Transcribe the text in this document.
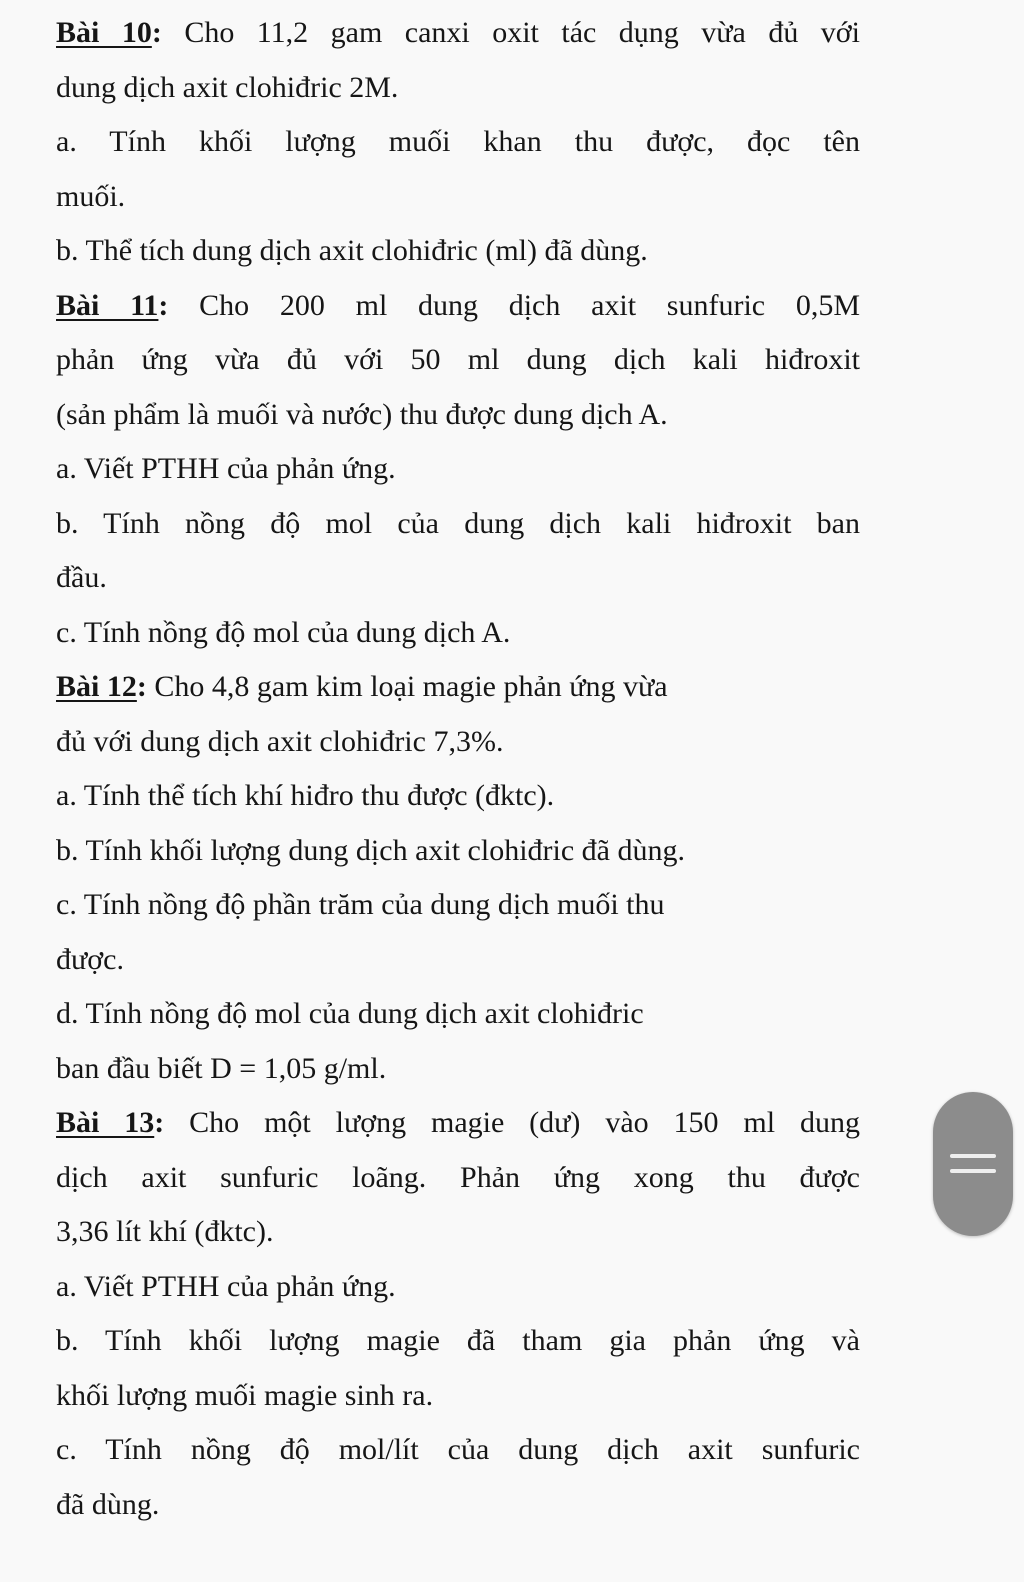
Bài 10: Cho 11,2 gam canxi oxit tác dụng vừa đủ với
dung dịch axit clohiđric 2M.
a. Tính khối lượng muối khan thu được, đọc tên
muối.
b. Thể tích dung dịch axit clohiđric (ml) đã dùng.
Bài 11: Cho 200 ml dung dịch axit sunfuric 0,5M
phản ứng vừa đủ với 50 ml dung dịch kali hiđroxit
(sản phẩm là muối và nước) thu được dung dịch A.
a. Viết PTHH của phản ứng.
b. Tính nồng độ mol của dung dịch kali hiđroxit ban
đầu.
c. Tính nồng độ mol của dung dịch A.
Bài 12: Cho 4,8 gam kim loại magie phản ứng vừa
đủ với dung dịch axit clohiđric 7,3%.
a. Tính thể tích khí hiđro thu được (đktc).
b. Tính khối lượng dung dịch axit clohiđric đã dùng.
c. Tính nồng độ phần trăm của dung dịch muối thu
được.
d. Tính nồng độ mol của dung dịch axit clohiđric
ban đầu biết D = 1,05 g/ml.
Bài 13: Cho một lượng magie (dư) vào 150 ml dung
dịch axit sunfuric loãng. Phản ứng xong thu được
3,36 lít khí (đktc).
a. Viết PTHH của phản ứng.
b. Tính khối lượng magie đã tham gia phản ứng và
khối lượng muối magie sinh ra.
c. Tính nồng độ mol/lít của dung dịch axit sunfuric
đã dùng.
